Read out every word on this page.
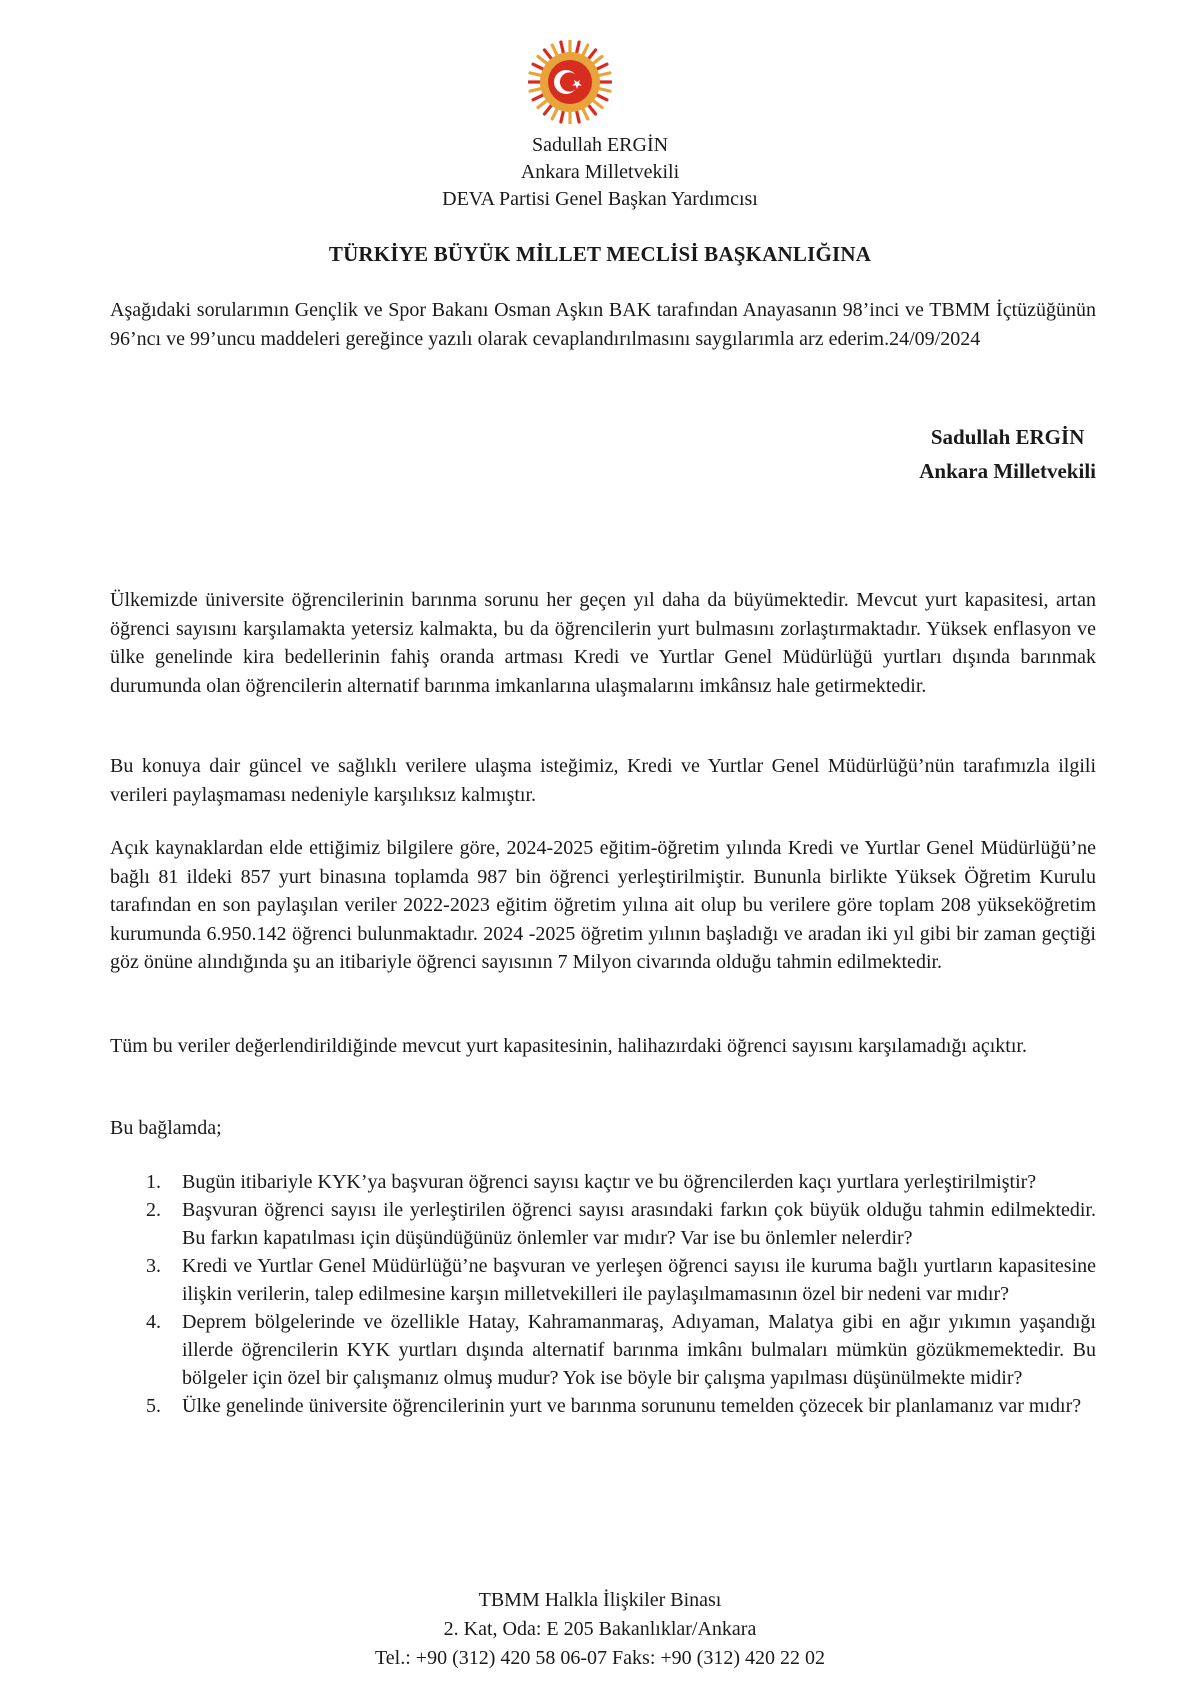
Sadullah ERGİN
Ankara Milletvekili
DEVA Partisi Genel Başkan Yardımcısı
TÜRKİYE BÜYÜK MİLLET MECLİSİ BAŞKANLIĞINA
Aşağıdaki sorularımın Gençlik ve Spor Bakanı Osman Aşkın BAK tarafından Anayasanın 98’inci ve TBMM İçtüzüğünün 96’ncı ve 99’uncu maddeleri gereğince yazılı olarak cevaplandırılmasını saygılarımla arz ederim.24/09/2024
Sadullah ERGİN
Ankara Milletvekili
Ülkemizde üniversite öğrencilerinin barınma sorunu her geçen yıl daha da büyümektedir. Mevcut yurt kapasitesi, artan öğrenci sayısını karşılamakta yetersiz kalmakta, bu da öğrencilerin yurt bulmasını zorlaştırmaktadır. Yüksek enflasyon ve ülke genelinde kira bedellerinin fahiş oranda artması Kredi ve Yurtlar Genel Müdürlüğü yurtları dışında barınmak durumunda olan öğrencilerin alternatif barınma imkanlarına ulaşmalarını imkânsız hale getirmektedir.
Bu konuya dair güncel ve sağlıklı verilere ulaşma isteğimiz, Kredi ve Yurtlar Genel Müdürlüğü’nün tarafımızla ilgili verileri paylaşmaması nedeniyle karşılıksız kalmıştır.
Açık kaynaklardan elde ettiğimiz bilgilere göre, 2024-2025 eğitim-öğretim yılında Kredi ve Yurtlar Genel Müdürlüğü’ne bağlı 81 ildeki 857 yurt binasına toplamda 987 bin öğrenci yerleştirilmiştir. Bununla birlikte Yüksek Öğretim Kurulu tarafından en son paylaşılan veriler 2022-2023 eğitim öğretim yılına ait olup bu verilere göre toplam 208 yükseköğretim kurumunda 6.950.142 öğrenci bulunmaktadır. 2024 -2025 öğretim yılının başladığı ve aradan iki yıl gibi bir zaman geçtiği göz önüne alındığında şu an itibariyle öğrenci sayısının 7 Milyon civarında olduğu tahmin edilmektedir.
Tüm bu veriler değerlendirildiğinde mevcut yurt kapasitesinin, halihazırdaki öğrenci sayısını karşılamadığı açıktır.
Bu bağlamda;
1. Bugün itibariyle KYK’ya başvuran öğrenci sayısı kaçtır ve bu öğrencilerden kaçı yurtlara yerleştirilmiştir?
2. Başvuran öğrenci sayısı ile yerleştirilen öğrenci sayısı arasındaki farkın çok büyük olduğu tahmin edilmektedir. Bu farkın kapatılması için düşündüğünüz önlemler var mıdır? Var ise bu önlemler nelerdir?
3. Kredi ve Yurtlar Genel Müdürlüğü’ne başvuran ve yerleşen öğrenci sayısı ile kuruma bağlı yurtların kapasitesine ilişkin verilerin, talep edilmesine karşın milletvekilleri ile paylaşılmamasının özel bir nedeni var mıdır?
4. Deprem bölgelerinde ve özellikle Hatay, Kahramanmaraş, Adıyaman, Malatya gibi en ağır yıkımın yaşandığı illerde öğrencilerin KYK yurtları dışında alternatif barınma imkânı bulmaları mümkün gözükmemektedir. Bu bölgeler için özel bir çalışmanız olmuş mudur? Yok ise böyle bir çalışma yapılması düşünülmekte midir?
5. Ülke genelinde üniversite öğrencilerinin yurt ve barınma sorununu temelden çözecek bir planlamanız var mıdır?
TBMM Halkla İlişkiler Binası
2. Kat, Oda: E 205 Bakanlıklar/Ankara
Tel.: +90 (312) 420 58 06-07 Faks: +90 (312) 420 22 02
